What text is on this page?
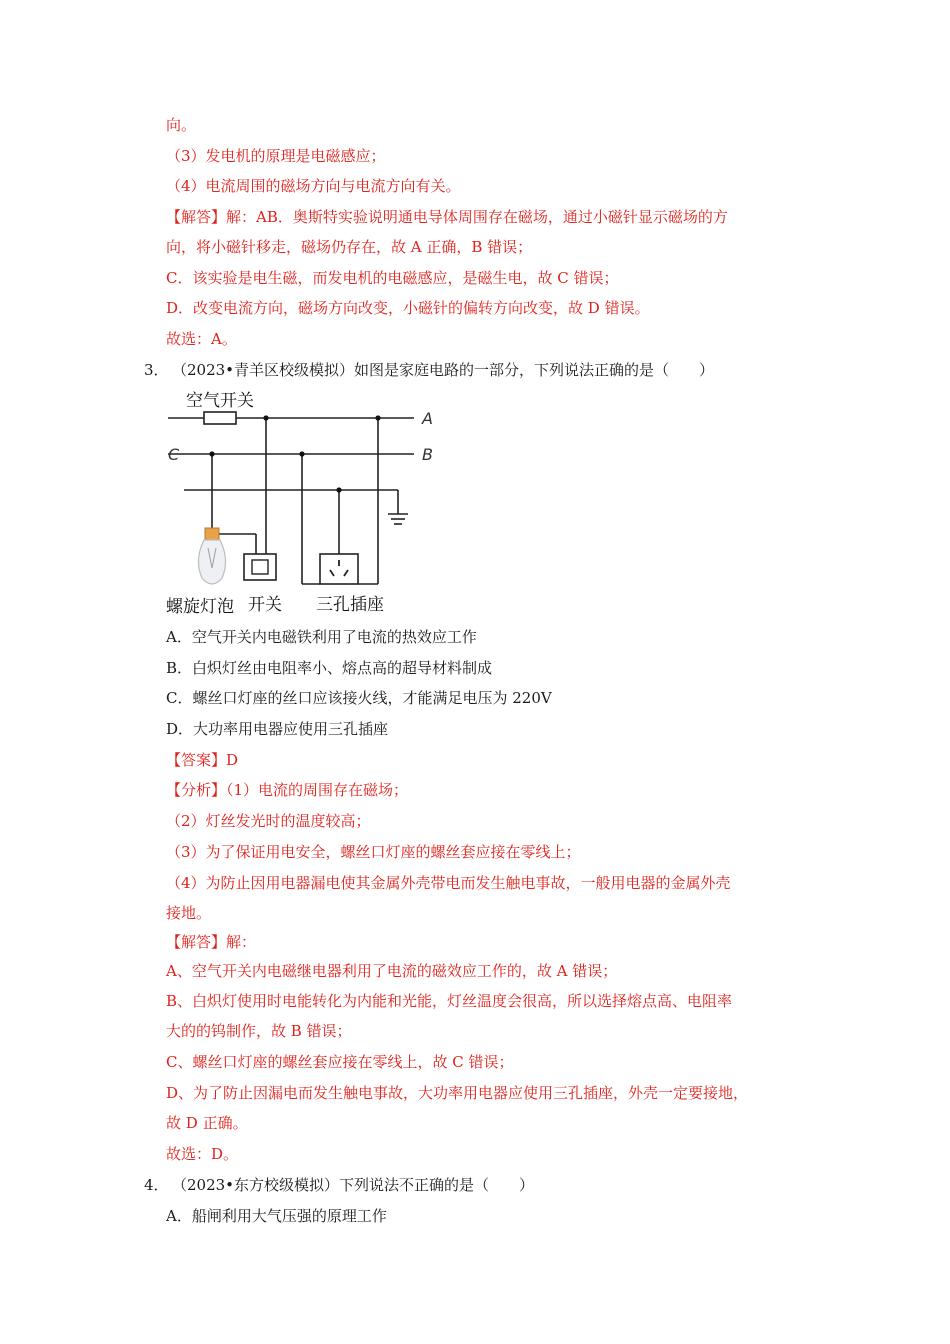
向。
（3）发电机的原理是电磁感应；
（4）电流周围的磁场方向与电流方向有关。
【解答】解：AB．奥斯特实验说明通电导体周围存在磁场，通过小磁针显示磁场的方
向，将小磁针移走，磁场仍存在，故 A 正确，B 错误；
C．该实验是电生磁，而发电机的电磁感应，是磁生电，故 C 错误；
D．改变电流方向，磁场方向改变，小磁针的偏转方向改变，故 D 错误。
故选：A。
3． （2023•青羊区校级模拟）如图是家庭电路的一部分，下列说法正确的是（　　）
空气开关
A
B
C
螺旋灯泡 开关 三孔插座
A．空气开关内电磁铁利用了电流的热效应工作
B．白炽灯丝由电阻率小、熔点高的超导材料制成
C．螺丝口灯座的丝口应该接火线，才能满足电压为 220V
D．大功率用电器应使用三孔插座
【答案】D
【分析】（1）电流的周围存在磁场；
（2）灯丝发光时的温度较高；
（3）为了保证用电安全，螺丝口灯座的螺丝套应接在零线上；
（4）为防止因用电器漏电使其金属外壳带电而发生触电事故，一般用电器的金属外壳
接地。
【解答】解：
A、空气开关内电磁继电器利用了电流的磁效应工作的，故 A 错误；
B、白炽灯使用时电能转化为内能和光能，灯丝温度会很高，所以选择熔点高、电阻率
大的的钨制作，故 B 错误；
C、螺丝口灯座的螺丝套应接在零线上，故 C 错误；
D、为了防止因漏电而发生触电事故，大功率用电器应使用三孔插座，外壳一定要接地，
故 D 正确。
故选：D。
4． （2023•东方校级模拟）下列说法不正确的是（　　）
A．船闸利用大气压强的原理工作
